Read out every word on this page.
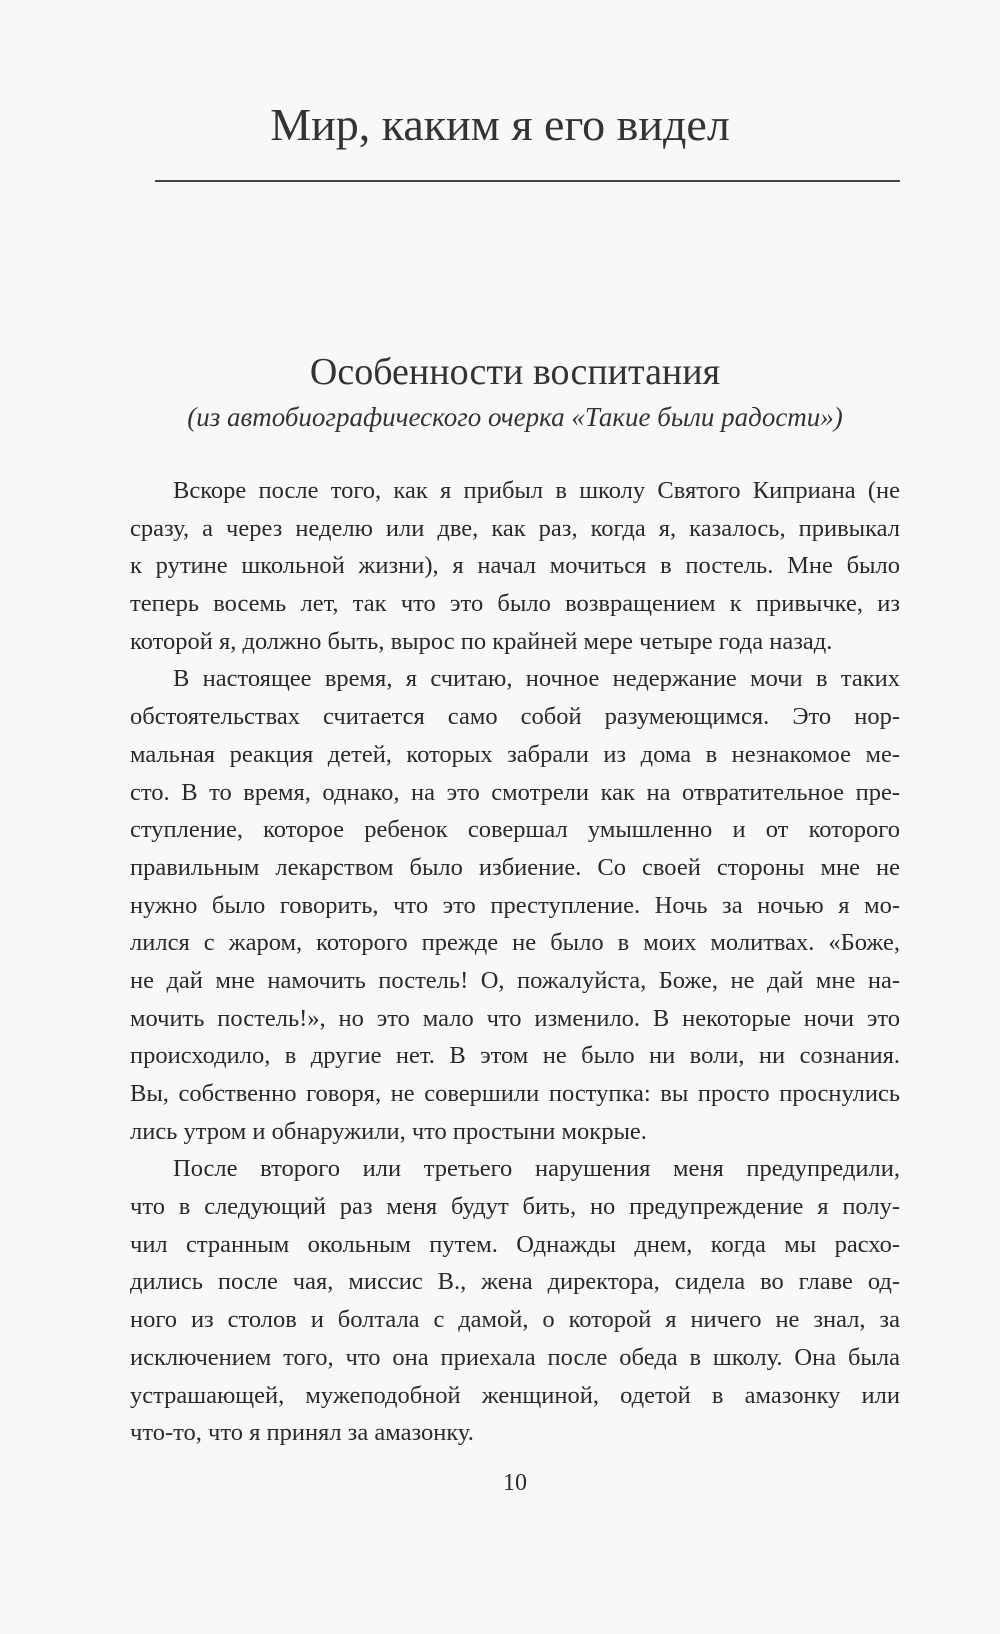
Мир, каким я его видел
Особенности воспитания
(из автобиографического очерка «Такие были радости»)
Вскоре после того, как я прибыл в школу Святого Киприана (не
сразу, а через неделю или две, как раз, когда я, казалось, привыкал
к рутине школьной жизни), я начал мочиться в постель. Мне было
теперь восемь лет, так что это было возвращением к привычке, из
которой я, должно быть, вырос по крайней мере четыре года назад.
В настоящее время, я считаю, ночное недержание мочи в таких
обстоятельствах считается само собой разумеющимся. Это нор-
мальная реакция детей, которых забрали из дома в незнакомое ме-
сто. В то время, однако, на это смотрели как на отвратительное пре-
ступление, которое ребенок совершал умышленно и от которого
правильным лекарством было избиение. Со своей стороны мне не
нужно было говорить, что это преступление. Ночь за ночью я мо-
лился с жаром, которого прежде не было в моих молитвах. «Боже,
не дай мне намочить постель! О, пожалуйста, Боже, не дай мне на-
мочить постель!», но это мало что изменило. В некоторые ночи это
происходило, в другие нет. В этом не было ни воли, ни сознания.
Вы, собственно говоря, не совершили поступка: вы просто проснулись
лись утром и обнаружили, что простыни мокрые.
После второго или третьего нарушения меня предупредили,
что в следующий раз меня будут бить, но предупреждение я полу-
чил странным окольным путем. Однажды днем, когда мы расхо-
дились после чая, миссис В., жена директора, сидела во главе од-
ного из столов и болтала с дамой, о которой я ничего не знал, за
исключением того, что она приехала после обеда в школу. Она была
устрашающей, мужеподобной женщиной, одетой в амазонку или
что-то, что я принял за амазонку.
10
